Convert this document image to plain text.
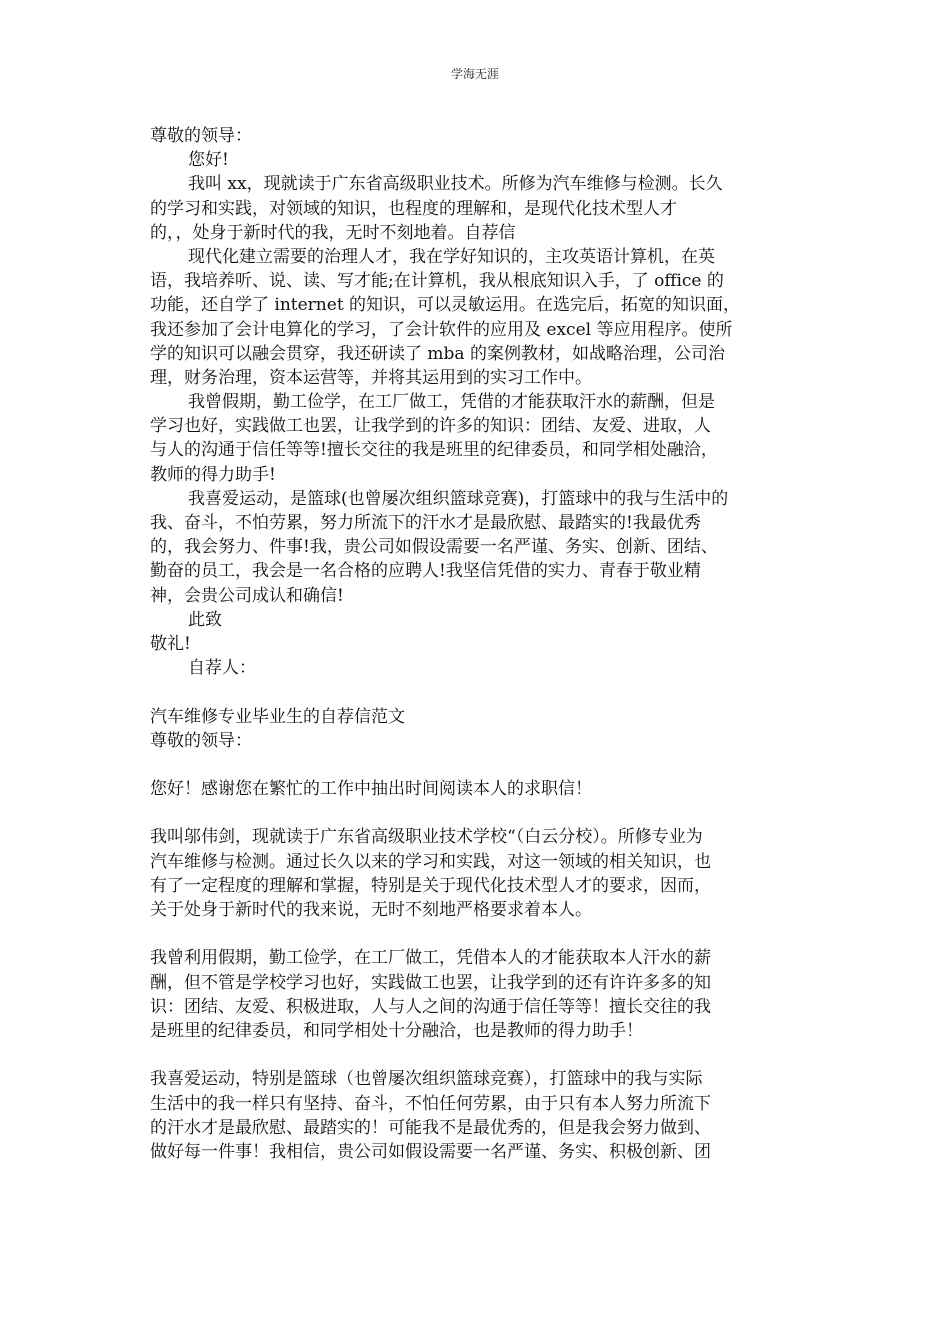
学海无涯
尊敬的领导：
您好!
我叫 xx，现就读于广东省高级职业技术。所修为汽车维修与检测。长久
的学习和实践，对领域的知识，也程度的理解和，是现代化技术型人才
的，，处身于新时代的我，无时不刻地着。自荐信
现代化建立需要的治理人才，我在学好知识的，主攻英语计算机，在英
语，我培养听、说、读、写才能;在计算机，我从根底知识入手，了 office 的
功能，还自学了 internet 的知识，可以灵敏运用。在选完后，拓宽的知识面，
我还参加了会计电算化的学习，了会计软件的应用及 excel 等应用程序。使所
学的知识可以融会贯穿，我还研读了 mba 的案例教材，如战略治理，公司治
理，财务治理，资本运营等，并将其运用到的实习工作中。
我曾假期，勤工俭学，在工厂做工，凭借的才能获取汗水的薪酬，但是
学习也好，实践做工也罢，让我学到的许多的知识：团结、友爱、进取，人
与人的沟通于信任等等!擅长交往的我是班里的纪律委员，和同学相处融洽，
教师的得力助手!
我喜爱运动，是篮球(也曾屡次组织篮球竞赛)，打篮球中的我与生活中的
我、奋斗，不怕劳累，努力所流下的汗水才是最欣慰、最踏实的!我最优秀
的，我会努力、件事!我，贵公司如假设需要一名严谨、务实、创新、团结、
勤奋的员工，我会是一名合格的应聘人!我坚信凭借的实力、青春于敬业精
神，会贵公司成认和确信!
此致
敬礼!
自荐人：
汽车维修专业毕业生的自荐信范文
尊敬的领导：
您好！感谢您在繁忙的工作中抽出时间阅读本人的求职信！
我叫邬伟剑，现就读于广东省高级职业技术学校“（白云分校）。所修专业为
汽车维修与检测。通过长久以来的学习和实践，对这一领域的相关知识，也
有了一定程度的理解和掌握，特别是关于现代化技术型人才的要求，因而，
关于处身于新时代的我来说，无时不刻地严格要求着本人。
我曾利用假期，勤工俭学，在工厂做工，凭借本人的才能获取本人汗水的薪
酬，但不管是学校学习也好，实践做工也罢，让我学到的还有许许多多的知
识：团结、友爱、积极进取，人与人之间的沟通于信任等等！擅长交往的我
是班里的纪律委员，和同学相处十分融洽，也是教师的得力助手！
我喜爱运动，特别是篮球（也曾屡次组织篮球竞赛），打篮球中的我与实际
生活中的我一样只有坚持、奋斗，不怕任何劳累，由于只有本人努力所流下
的汗水才是最欣慰、最踏实的！可能我不是最优秀的，但是我会努力做到、
做好每一件事！我相信，贵公司如假设需要一名严谨、务实、积极创新、团
